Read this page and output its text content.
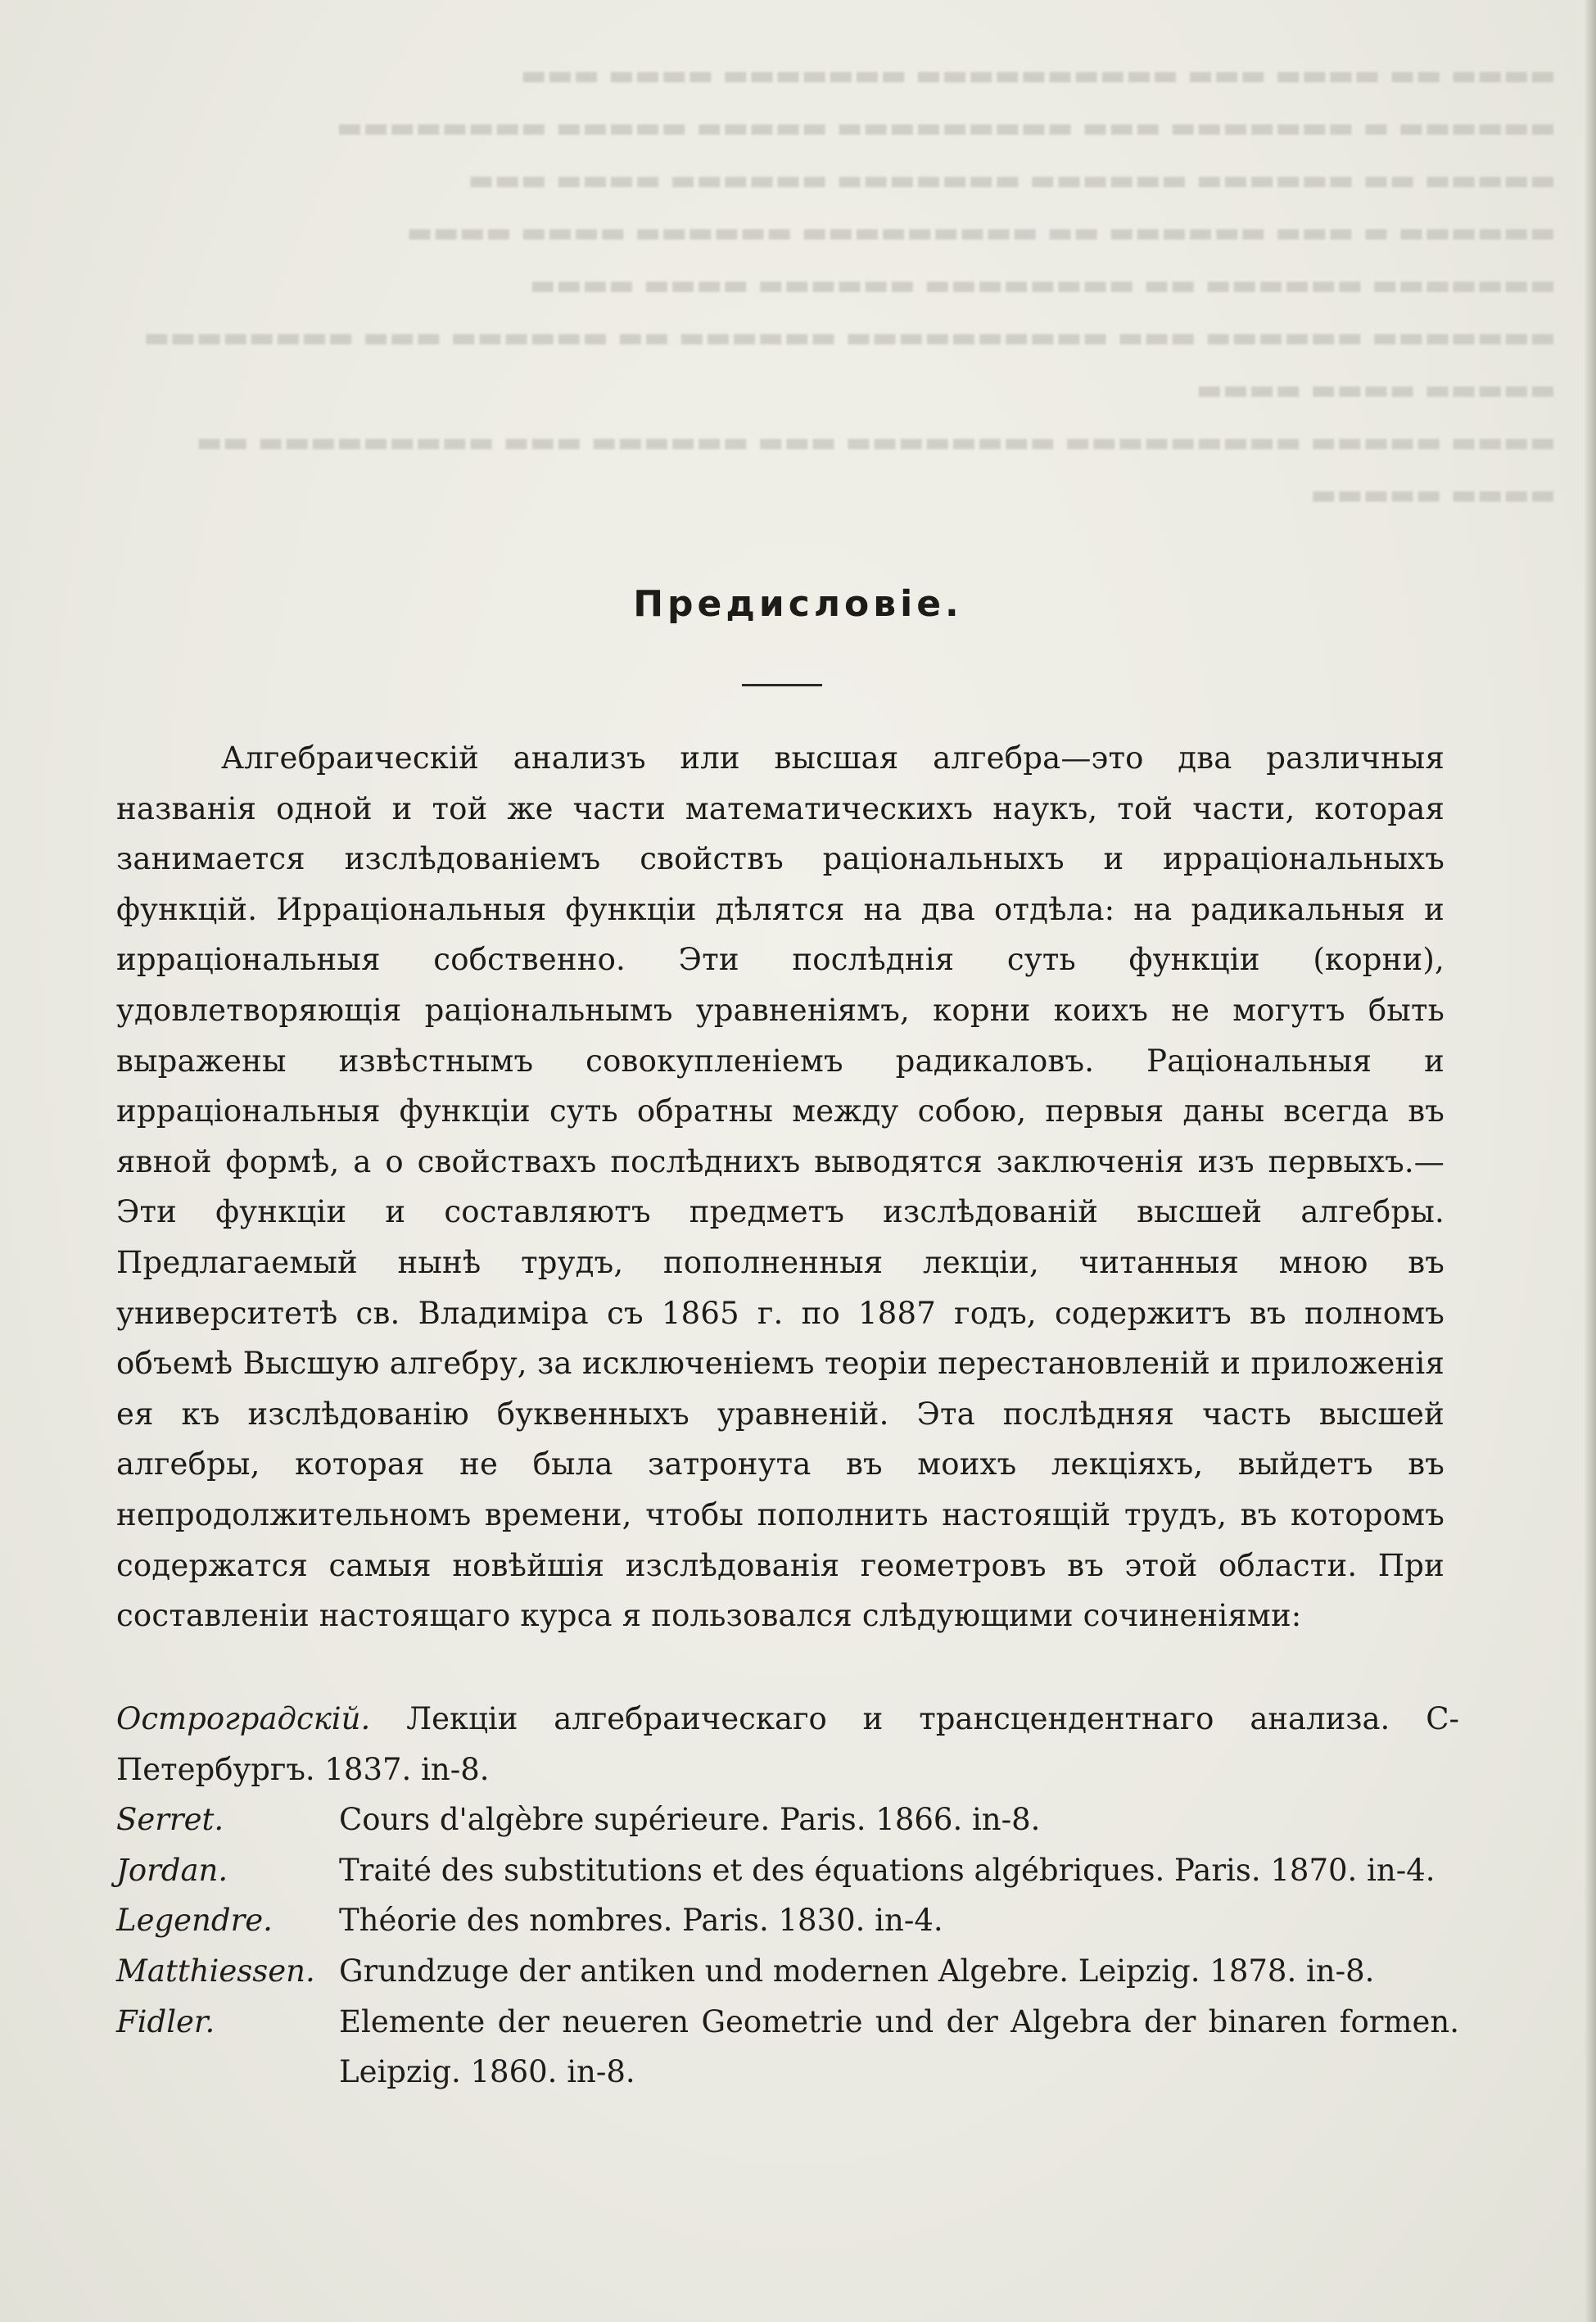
▬▬▬▬ ▬▬ ▬▬▬▬ ▬▬▬ ▬▬▬▬▬▬▬▬▬▬ ▬▬▬▬▬▬▬ ▬▬▬▬ ▬▬▬
▬▬▬▬▬▬ ▬ ▬▬▬▬▬▬▬ ▬▬▬ ▬▬▬▬▬▬▬▬▬ ▬▬▬▬▬ ▬▬▬▬▬ ▬▬▬▬▬▬▬▬
▬▬▬▬▬ ▬▬ ▬▬▬▬▬▬ ▬▬▬▬▬▬ ▬▬▬▬▬▬▬ ▬▬▬▬▬▬ ▬▬▬▬ ▬▬▬
▬▬▬▬▬▬ ▬ ▬▬▬ ▬▬▬▬▬▬ ▬▬ ▬▬▬▬▬▬▬▬▬ ▬▬▬▬▬▬ ▬▬▬▬ ▬▬▬▬
▬▬▬▬▬▬▬ ▬▬▬▬▬▬ ▬▬ ▬▬▬▬▬▬▬▬ ▬▬▬▬▬▬ ▬▬▬▬ ▬▬▬▬
▬▬▬▬▬▬▬ ▬▬▬▬▬▬ ▬▬▬ ▬▬▬▬▬▬▬▬▬▬ ▬▬▬▬▬▬ ▬▬ ▬▬▬▬▬▬ ▬▬▬ ▬▬▬▬▬▬▬▬
▬▬▬▬▬ ▬▬▬▬ ▬▬▬▬
▬▬▬▬ ▬▬▬▬▬ ▬▬▬▬▬▬▬▬▬ ▬▬▬▬▬▬▬▬ ▬▬▬ ▬▬▬▬▬▬ ▬▬▬ ▬▬▬▬▬▬▬▬▬ ▬▬
▬▬▬▬ ▬▬▬▬▬
Предисловіе.
Алгебраическій анализъ или высшая алгебра—это два различныя названія одной и той же части математическихъ наукъ, той части, которая занимается изслѣдованіемъ свойствъ раціональныхъ и ирраціональныхъ функцій. Ирраціональныя функціи дѣлятся на два отдѣла: на радикальныя и ирраціональныя собственно. Эти послѣднія суть функціи (корни), удовлетворяющія раціональнымъ уравненіямъ, корни коихъ не могутъ быть выражены извѣстнымъ совокупленіемъ радикаловъ. Раціональныя и ирраціональныя функціи суть обратны между собою, первыя даны всегда въ явной формѣ, а о свойствахъ послѣднихъ выводятся заключенія изъ первыхъ.—Эти функціи и составляютъ предметъ изслѣдованій высшей алгебры. Предлагаемый нынѣ трудъ, пополненныя лекціи, читанныя мною въ университетѣ св. Владиміра съ 1865 г. по 1887 годъ, содержитъ въ полномъ объемѣ Высшую алгебру, за исключеніемъ теоріи перестановленій и приложенія ея къ изслѣдованію буквенныхъ уравненій. Эта послѣдняя часть высшей алгебры, которая не была затронута въ моихъ лекціяхъ, выйдетъ въ непродолжительномъ времени, чтобы пополнить настоящій трудъ, въ которомъ содержатся самыя новѣйшія изслѣдованія геометровъ въ этой области. При составленіи настоящаго курса я пользовался слѣдующими сочиненіями:
Остроградскій. Лекціи алгебраическаго и трансцендентнаго анализа. С-Петербургъ. 1837. in-8.
Serret.	Cours d'algèbre supérieure. Paris. 1866. in-8.
Jordan.	Traité des substitutions et des équations algébriques. Paris. 1870. in-4.
Legendre. Théorie des nombres. Paris. 1830. in-4.
Matthiessen. Grundzuge der antiken und modernen Algebre. Leipzig. 1878. in-8.
Fidler.	Elemente der neueren Geometrie und der Algebra der binaren formen. Leipzig. 1860. in-8.
